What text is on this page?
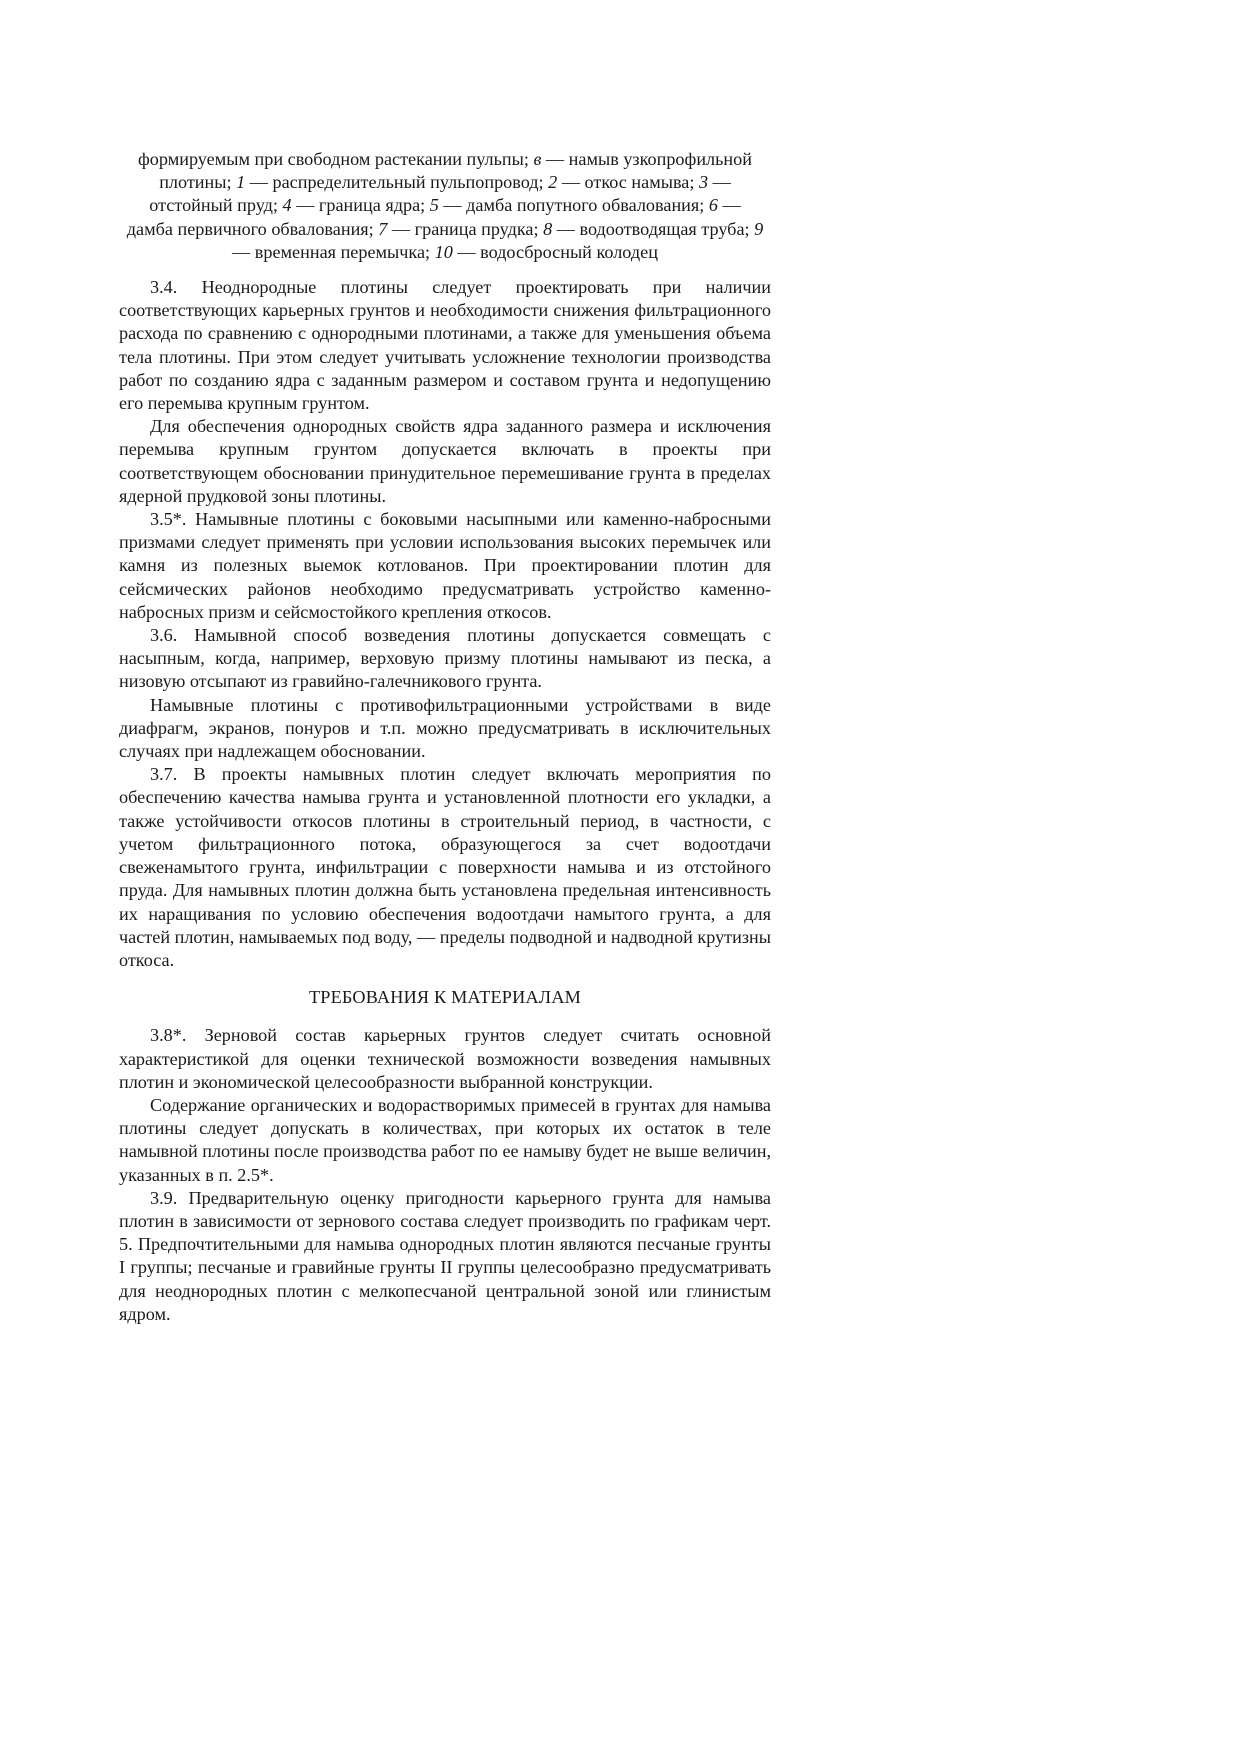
формируемым при свободном растекании пульпы; в — намыв узкопрофильной плотины; 1 — распределительный пульпопровод; 2 — откос намыва; 3 — отстойный пруд; 4 — граница ядра; 5 — дамба попутного обвалования; 6 — дамба первичного обвалования; 7 — граница прудка; 8 — водоотводящая труба; 9 — временная перемычка; 10 — водосбросный колодец

3.4. Неоднородные плотины следует проектировать при наличии соответствующих карьерных грунтов и необходимости снижения фильтрационного расхода по сравнению с однородными плотинами, а также для уменьшения объема тела плотины. При этом следует учитывать усложнение технологии производства работ по созданию ядра с заданным размером и составом грунта и недопущению его перемыва крупным грунтом.

Для обеспечения однородных свойств ядра заданного размера и исключения перемыва крупным грунтом допускается включать в проекты при соответствующем обосновании принудительное перемешивание грунта в пределах ядерной прудковой зоны плотины.

3.5*. Намывные плотины с боковыми насыпными или каменно-набросными призмами следует применять при условии использования высоких перемычек или камня из полезных выемок котлованов. При проектировании плотин для сейсмических районов необходимо предусматривать устройство каменно-набросных призм и сейсмостойкого крепления откосов.

3.6. Намывной способ возведения плотины допускается совмещать с насыпным, когда, например, верховую призму плотины намывают из песка, а низовую отсыпают из гравийно-галечникового грунта.

Намывные плотины с противофильтрационными устройствами в виде диафрагм, экранов, понуров и т.п. можно предусматривать в исключительных случаях при надлежащем обосновании.

3.7. В проекты намывных плотин следует включать мероприятия по обеспечению качества намыва грунта и установленной плотности его укладки, а также устойчивости откосов плотины в строительный период, в частности, с учетом фильтрационного потока, образующегося за счет водоотдачи свеженамытого грунта, инфильтрации с поверхности намыва и из отстойного пруда. Для намывных плотин должна быть установлена предельная интенсивность их наращивания по условию обеспечения водоотдачи намытого грунта, а для частей плотин, намываемых под воду, — пределы подводной и надводной крутизны откоса.

ТРЕБОВАНИЯ К МАТЕРИАЛАМ

3.8*. Зерновой состав карьерных грунтов следует считать основной характеристикой для оценки технической возможности возведения намывных плотин и экономической целесообразности выбранной конструкции.

Содержание органических и водорастворимых примесей в грунтах для намыва плотины следует допускать в количествах, при которых их остаток в теле намывной плотины после производства работ по ее намыву будет не выше величин, указанных в п. 2.5*.

3.9. Предварительную оценку пригодности карьерного грунта для намыва плотин в зависимости от зернового состава следует производить по графикам черт. 5. Предпочтительными для намыва однородных плотин являются песчаные грунты I группы; песчаные и гравийные грунты II группы целесообразно предусматривать для неоднородных плотин с мелкопесчаной центральной зоной или глинистым ядром.
